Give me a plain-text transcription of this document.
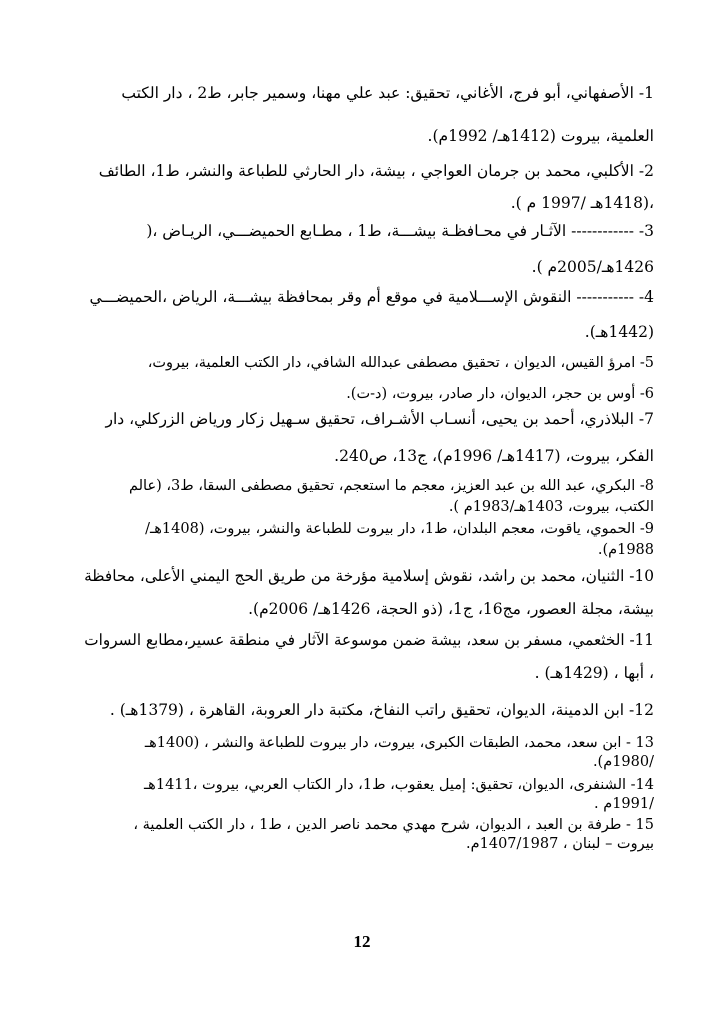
1- الأصفهاني، أبو فرج، الأغاني، تحقيق: عبد علي مهنا، وسمير جابر، ط2 ، دار الكتب
العلمية، بيروت (1412هـ/ 1992م).
2- الأكلبي، محمد بن جرمان العواجي ، بيشة، دار الحارثي للطباعة والنشر، ط1، الطائف
،(1418هـ /1997 م ).
3- ------------ الآثـار في محـافظـة بيشـــة، ط1 ، مطـابع الحميضـــي، الريـاض ،(
1426هـ/2005م ).
4- ----------- النقوش الإســـلامية في موقع أم وقر بمحافظة بيشـــة، الرياض ،الحميضـــي
(1442هـ).
5- امرؤ القيس، الديوان ، تحقيق مصطفى عبدالله الشافي، دار الكتب العلمية، بيروت،
6- أوس بن حجر، الديوان، دار صادر، بيروت، (د-ت).
7- البلاذري، أحمد بن يحيى، أنسـاب الأشـراف، تحقيق سـهيل زكار ورياض الزركلي، دار
الفكر، بيروت، (1417هـ/ 1996م)، ج13، ص240.
8- البكري، عبد الله بن عبد العزيز، معجم ما استعجم، تحقيق مصطفى السقا، ط3، (عالم
الكتب، بيروت، 1403هـ/1983م ).
9- الحموي، ياقوت، معجم البلدان، ط1، دار بيروت للطباعة والنشر، بيروت، (1408هـ/
1988م).
10- الثنيان، محمد بن راشد، نقوش إسلامية مؤرخة من طريق الحج اليمني الأعلى، محافظة
بيشة، مجلة العصور، مج16، ج1، (ذو الحجة، 1426هـ/ 2006م).
11- الخثعمي، مسفر بن سعد، بيشة ضمن موسوعة الآثار في منطقة عسير،مطابع السروات
، أبها ، (1429هـ) .
12- ابن الدمينة، الديوان، تحقيق راتب النفاخ، مكتبة دار العروبة، القاهرة ، (1379هـ) .
13 - ابن سعد، محمد، الطبقات الكبرى، بيروت، دار بيروت للطباعة والنشر ، (1400هـ
/1980م).
14- الشنفرى، الديوان، تحقيق: إميل يعقوب، ط1، دار الكتاب العربي، بيروت ،1411هـ
/1991م .
15 - طرفة بن العبد ، الديوان، شرح مهدي محمد ناصر الدين ، ط1 ، دار الكتب العلمية ،
بيروت – لبنان ، 1407/1987م.
12
